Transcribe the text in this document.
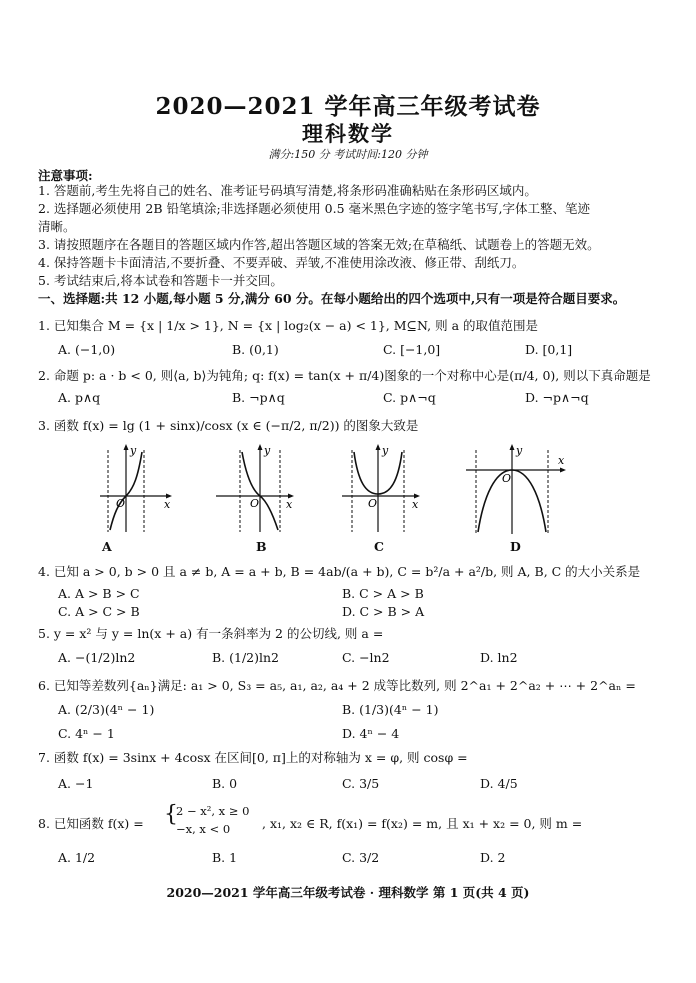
2020—2021 学年高三年级考试卷
理科数学
满分:150 分 考试时间:120 分钟
注意事项:
1. 答题前,考生先将自己的姓名、准考证号码填写清楚,将条形码准确粘贴在条形码区域内。
2. 选择题必须使用 2B 铅笔填涂;非选择题必须使用 0.5 毫米黑色字迹的签字笔书写,字体工整、笔迹
清晰。
3. 请按照题序在各题目的答题区域内作答,超出答题区域的答案无效;在草稿纸、试题卷上的答题无效。
4. 保持答题卡卡面清洁,不要折叠、不要弄破、弄皱,不准使用涂改液、修正带、刮纸刀。
5. 考试结束后,将本试卷和答题卡一并交回。
一、选择题:共 12 小题,每小题 5 分,满分 60 分。在每小题给出的四个选项中,只有一项是符合题目要求。
1. 已知集合 M = {x | 1/x > 1}, N = {x | log₂(x − a) < 1}, M⊆N, 则 a 的取值范围是
A. (−1,0)	B. (0,1)	C. [−1,0]	D. [0,1]
2. 命题 p: a · b < 0, 则⟨a, b⟩为钝角; q: f(x) = tan(x + π/4)图象的一个对称中心是(π/4, 0), 则以下真命题是
A. p∧q	B. ¬p∧q	C. p∧¬q	D. ¬p∧¬q
3. 函数 f(x) = lg (1 + sinx)/cosx (x ∈ (−π/2, π/2)) 的图象大致是
y
x
O
A
y
x
O
B
y
x
O
C
y
x
O
D
4. 已知 a > 0, b > 0 且 a ≠ b, A = a + b, B = 4ab/(a + b), C = b²/a + a²/b, 则 A, B, C 的大小关系是
A. A > B > C	B. C > A > B
C. A > C > B	D. C > B > A
5. y = x² 与 y = ln(x + a) 有一条斜率为 2 的公切线, 则 a =
A. −(1/2)ln2	B. (1/2)ln2	C. −ln2	D. ln2
6. 已知等差数列{aₙ}满足: a₁ > 0, S₃ = a₅, a₁, a₂, a₄ + 2 成等比数列, 则 2^a₁ + 2^a₂ + ⋯ + 2^aₙ =
A. (2/3)(4ⁿ − 1)	B. (1/3)(4ⁿ − 1)
C. 4ⁿ − 1	D. 4ⁿ − 4
7. 函数 f(x) = 3sinx + 4cosx 在区间[0, π]上的对称轴为 x = φ, 则 cosφ =
A. −1	B. 0	C. 3/5	D. 4/5
8. 已知函数 f(x) = {
2 − x², x ≥ 0
−x, x < 0	, x₁, x₂ ∈ R, f(x₁) = f(x₂) = m, 且 x₁ + x₂ = 0, 则 m =
A. 1/2	B. 1	C. 3/2	D. 2
2020—2021 学年高三年级考试卷 · 理科数学 第 1 页(共 4 页)
